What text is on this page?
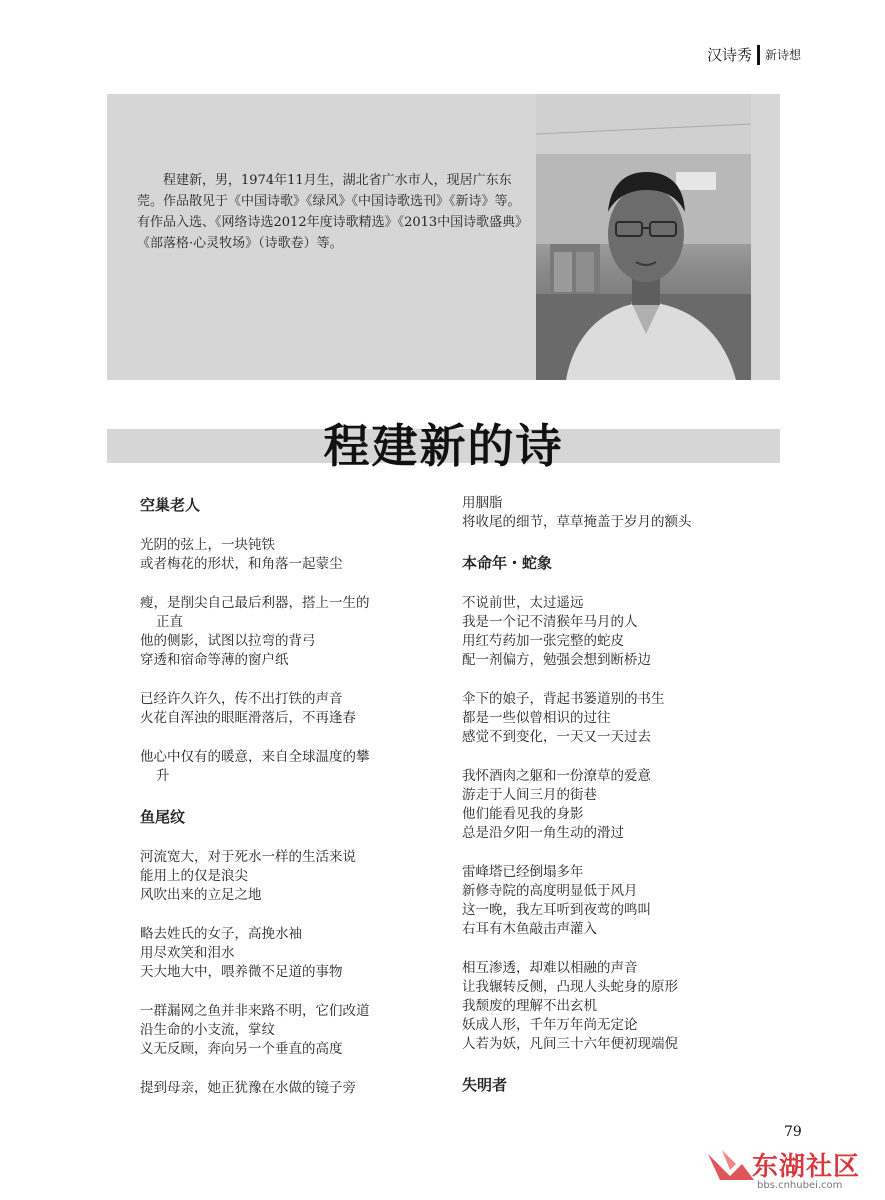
汉诗秀 新诗想
程建新，男，1974年11月生，湖北省广水市人，现居广东东莞。作品散见于《中国诗歌》《绿风》《中国诗歌选刊》《新诗》等。有作品入选、《网络诗选2012年度诗歌精选》《2013中国诗歌盛典》《部落格·心灵牧场》（诗歌卷）等。
程建新的诗
空巢老人
光阴的弦上，一块钝铁
或者梅花的形状，和角落一起蒙尘
瘦，是削尖自己最后利器，搭上一生的
正直
他的侧影，试图以拉弯的背弓
穿透和宿命等薄的窗户纸
已经许久许久，传不出打铁的声音
火花自浑浊的眼眶滑落后，不再逢春
他心中仅有的暖意，来自全球温度的攀
升
鱼尾纹
河流宽大，对于死水一样的生活来说
能用上的仅是浪尖
风吹出来的立足之地
略去姓氏的女子，高挽水袖
用尽欢笑和泪水
天大地大中，喂养微不足道的事物
一群漏网之鱼并非来路不明，它们改道
沿生命的小支流，掌纹
义无反顾，奔向另一个垂直的高度
提到母亲，她正犹豫在水做的镜子旁
用胭脂
将收尾的细节，草草掩盖于岁月的额头
本命年・蛇象
不说前世，太过遥远
我是一个记不清猴年马月的人
用红芍药加一张完整的蛇皮
配一剂偏方，勉强会想到断桥边
伞下的娘子，背起书篓道别的书生
都是一些似曾相识的过往
感觉不到变化，一天又一天过去
我怀酒肉之躯和一份潦草的爱意
游走于人间三月的街巷
他们能看见我的身影
总是沿夕阳一角生动的滑过
雷峰塔已经倒塌多年
新修寺院的高度明显低于风月
这一晚，我左耳听到夜莺的鸣叫
右耳有木鱼敲击声灌入
相互渗透，却难以相融的声音
让我辗转反侧，凸现人头蛇身的原形
我颓废的理解不出玄机
妖成人形，千年万年尚无定论
人若为妖，凡间三十六年便初现端倪
失明者
79
东湖社区
bbs.cnhubei.com
